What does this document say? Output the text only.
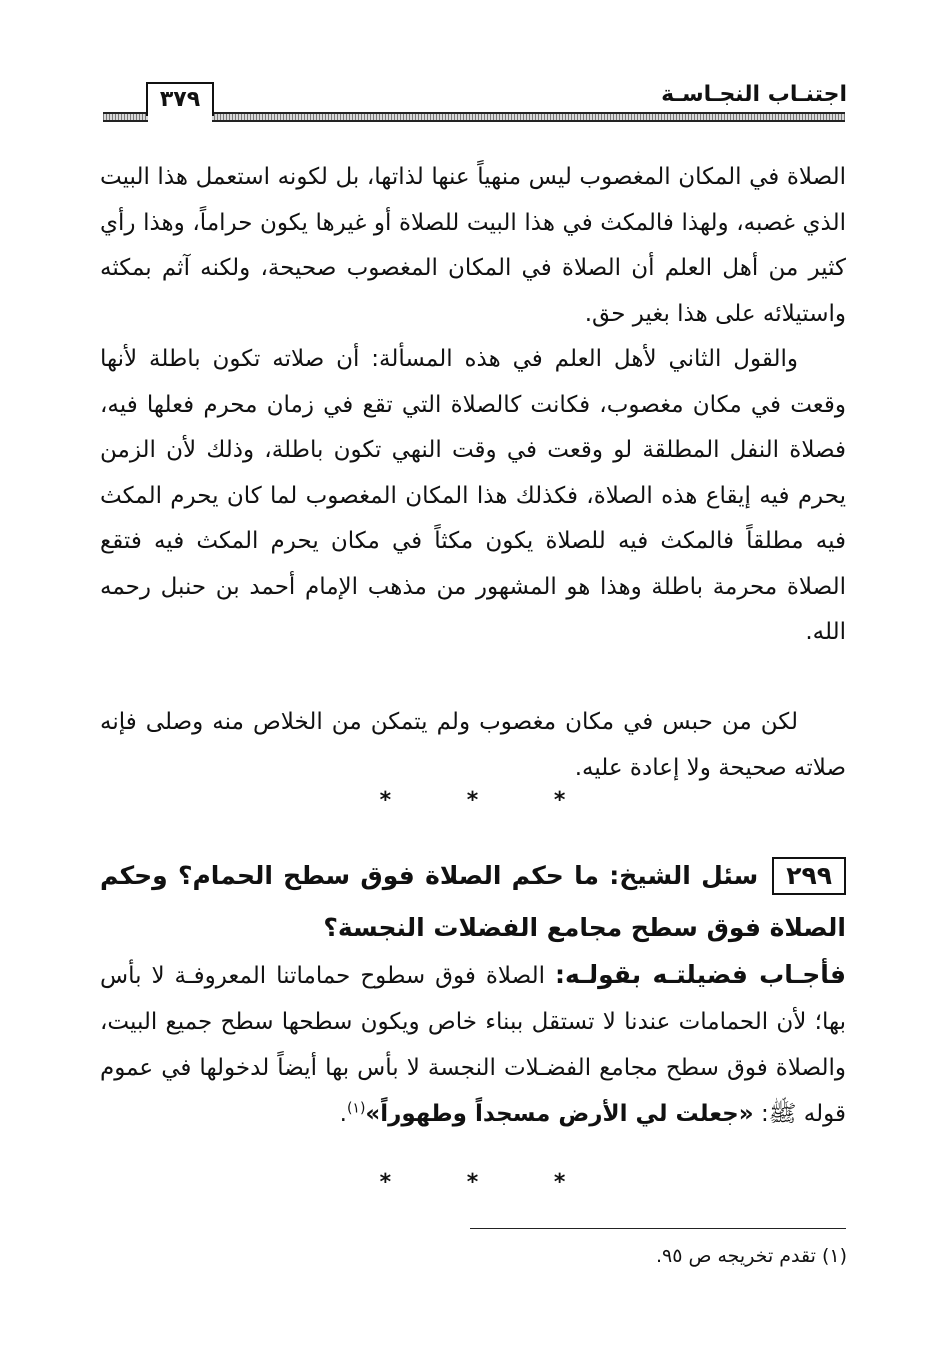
اجتنـاب النجـاسـة
٣٧٩

الصلاة في المكان المغصوب ليس منهياً عنها لذاتها، بل لكونه استعمل هذا البيت الذي غصبه، ولهذا فالمكث في هذا البيت للصلاة أو غيرها يكون حراماً، وهذا رأي كثير من أهل العلم أن الصلاة في المكان المغصوب صحيحة، ولكنه آثم بمكثه واستيلائه على هذا بغير حق.

والقول الثاني لأهل العلم في هذه المسألة: أن صلاته تكون باطلة لأنها وقعت في مكان مغصوب، فكانت كالصلاة التي تقع في زمان محرم فعلها فيه، فصلاة النفل المطلقة لو وقعت في وقت النهي تكون باطلة، وذلك لأن الزمن يحرم فيه إيقاع هذه الصلاة، فكذلك هذا المكان المغصوب لما كان يحرم المكث فيه مطلقاً فالمكث فيه للصلاة يكون مكثاً في مكان يحرم المكث فيه فتقع الصلاة محرمة باطلة وهذا هو المشهور من مذهب الإمام أحمد بن حنبل رحمه الله.

لكن من حبس في مكان مغصوب ولم يتمكن من الخلاص منه وصلى فإنه صلاته صحيحة ولا إعادة عليه.

* * *
٢٩٩سئل الشيخ: ما حكم الصلاة فوق سطح الحمام؟ وحكم الصلاة فوق سطح مجامع الفضلات النجسة؟
فأجـاب فضيلتـه بقولـه: الصلاة فوق سطوح حماماتنا المعروفـة لا بأس بها؛ لأن الحمامات عندنا لا تستقل ببناء خاص ويكون سطحها سطح جميع البيت، والصلاة فوق سطح مجامع الفضـلات النجسة لا بأس بها أيضاً لدخولها في عموم قوله ﷺ: «جعلت لي الأرض مسجداً وطهوراً»$^{(١)}$.
* * *
(١) تقدم تخريجه ص ٩٥.
